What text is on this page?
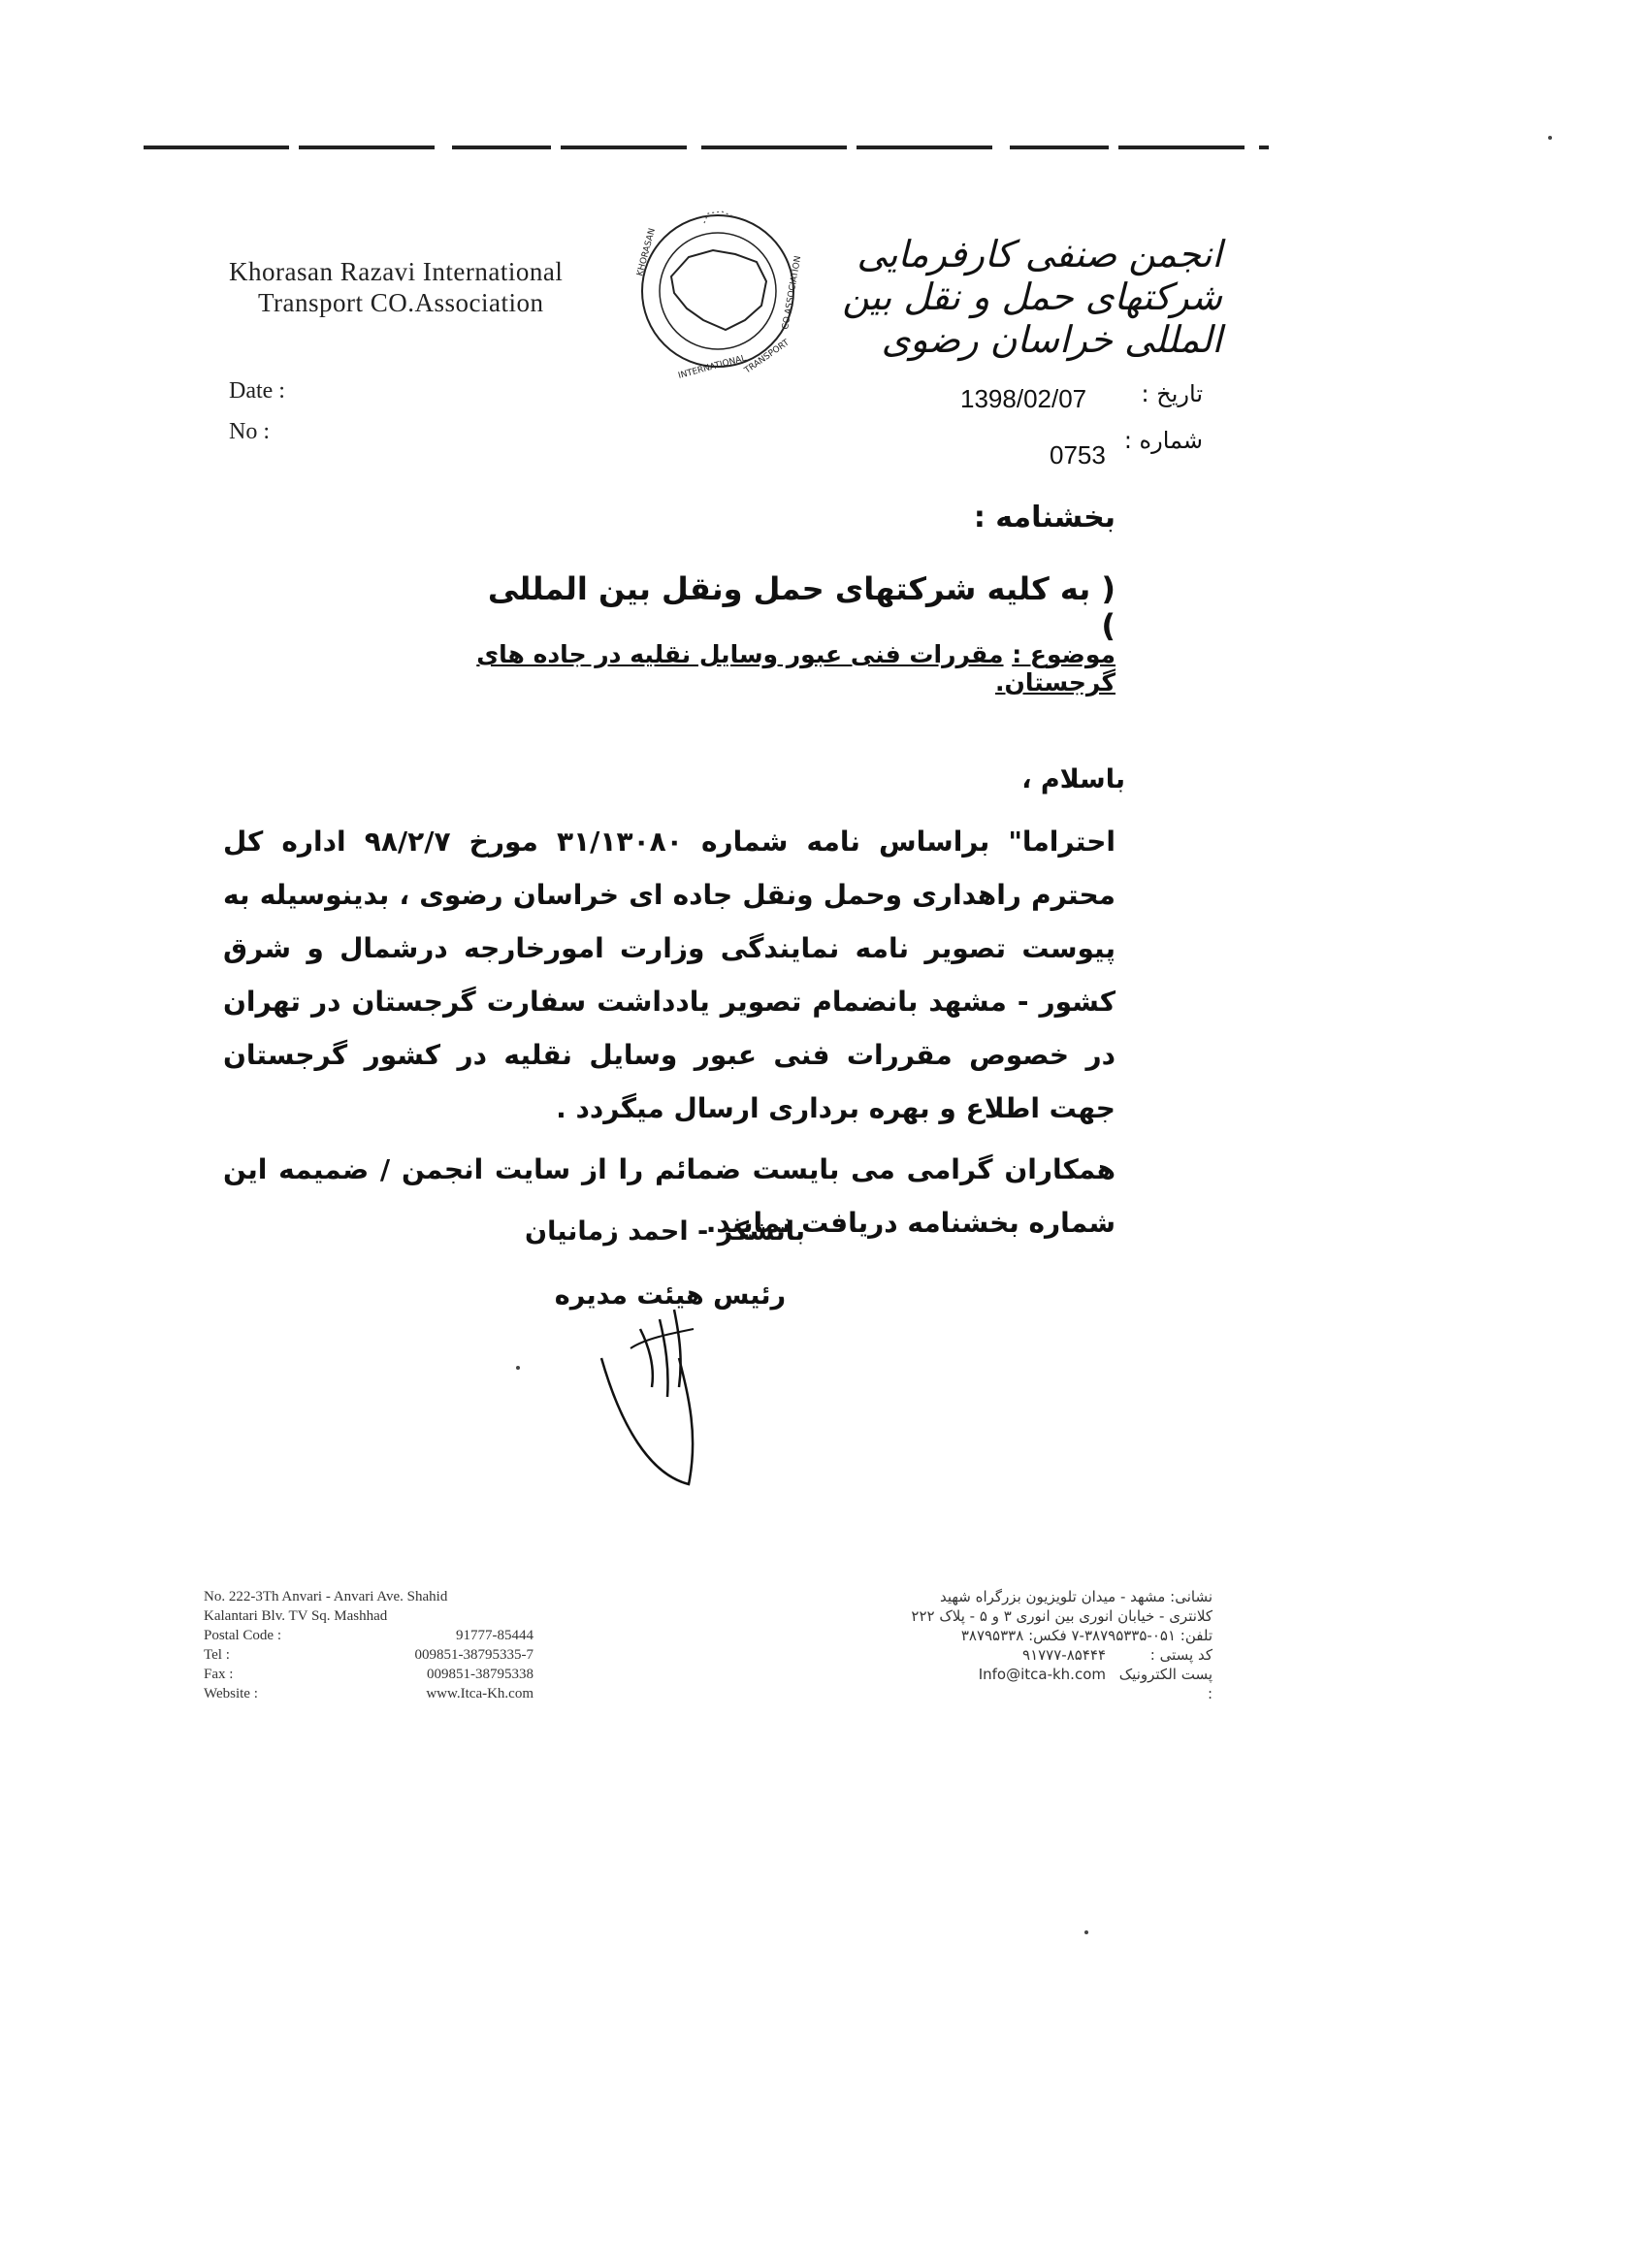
Khorasan Razavi International
Transport CO.Association
KHORASAN
INTERNATIONAL
TRANSPORT
CO.ASSOCIATION
انجمن صنفی کارفرمایی شرکتهای حمل و نقل بین المللی خراسان رضوی
Date :
No :
تاریخ :
1398/02/07
شماره :
0753
بخشنامه :
( به کلیه شرکتهای حمل ونقل بین المللی )
موضوع : مقررات فنی عبور وسایل نقلیه در جاده های گرجستان.
باسلام ،

احتراما" براساس نامه شماره ۳۱/۱۳۰۸۰ مورخ ۹۸/۲/۷ اداره کل محترم راهداری وحمل ونقل جاده ای خراسان رضوی ، بدینوسیله به پیوست تصویر نامه نمایندگی وزارت امورخارجه درشمال و شرق کشور - مشهد بانضمام تصویر یادداشت سفارت گرجستان در تهران در خصوص مقررات فنی عبور وسایل نقلیه در کشور گرجستان جهت اطلاع و بهره برداری ارسال میگردد .

همکاران گرامی می بایست ضمائم را از سایت انجمن / ضمیمه این شماره بخشنامه دریافت نمایند.

باتشکر - احمد زمانیان
رئیس هیئت مدیره
No. 222-3Th Anvari - Anvari Ave. Shahid
Kalantari Blv. TV Sq. Mashhad
Postal Code :	91777-85444
Tel :	009851-38795335-7
Fax :	009851-38795338
Website :	www.Itca-Kh.com
نشانی: مشهد - میدان تلویزیون بزرگراه شهید
کلانتری - خیابان انوری بین انوری ۳ و ۵ - پلاک ۲۲۲
تلفن: ۰۵۱-۳۸۷۹۵۳۳۵-۷ فکس: ۳۸۷۹۵۳۳۸
کد پستی :
۹۱۷۷۷-۸۵۴۴۴
پست الکترونیک :
Info@itca-kh.com
